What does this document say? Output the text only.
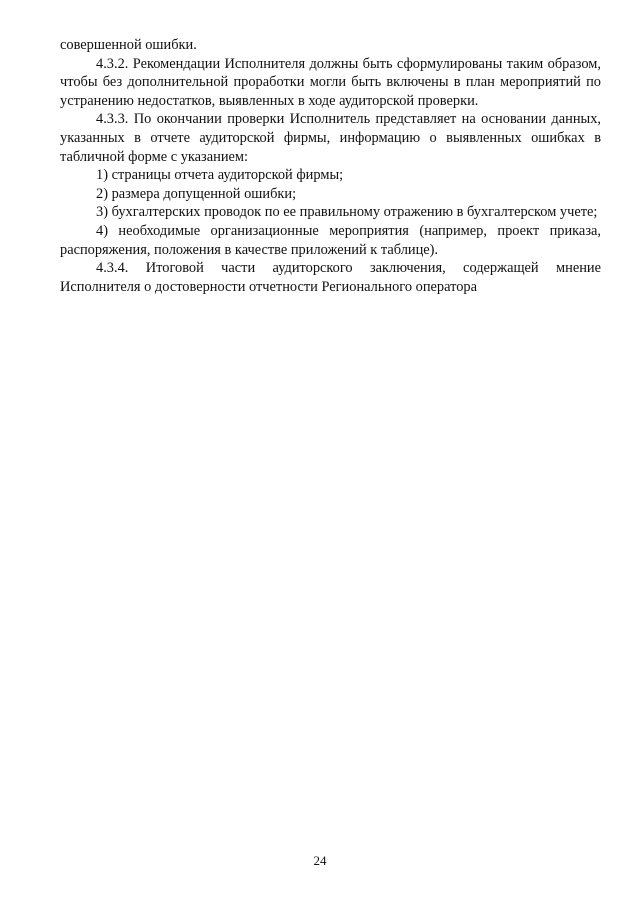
совершенной ошибки.

4.3.2. Рекомендации Исполнителя должны быть сформулированы таким образом, чтобы без дополнительной проработки могли быть включены в план мероприятий по устранению недостатков, выявленных в ходе аудиторской проверки.

4.3.3. По окончании проверки Исполнитель представляет на основании данных, указанных в отчете аудиторской фирмы, информацию о выявленных ошибках в табличной форме с указанием:

1) страницы отчета аудиторской фирмы;

2) размера допущенной ошибки;

3) бухгалтерских проводок по ее правильному отражению в бухгалтерском учете;

4) необходимые организационные мероприятия (например, проект приказа, распоряжения, положения в качестве приложений к таблице).

4.3.4. Итоговой части аудиторского заключения, содержащей мнение Исполнителя о достоверности отчетности Регионального оператора

24
